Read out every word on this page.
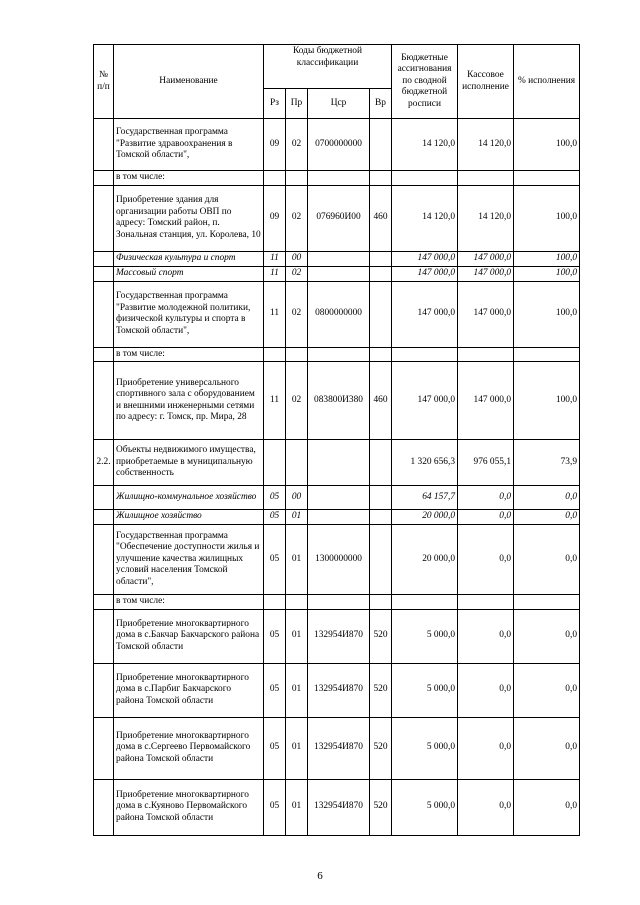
№ п/п	Наименование	Коды бюджетной классификации				Бюджетные ассигнования по сводной бюджетной росписи	Кассовое исполнение	% исполнения
		Рз	Пр	Цср	Вр			
	Государственная программа "Развитие здравоохранения в Томской области",	09	02	0700000000		14 120,0	14 120,0	100,0
	в том числе:							
	Приобретение здания для организации работы ОВП по адресу: Томский район, п. Зональная станция, ул. Королева, 10	09	02	076960И00	460	14 120,0	14 120,0	100,0
	Физическая культура и спорт	11	00			147 000,0	147 000,0	100,0
	Массовый спорт	11	02			147 000,0	147 000,0	100,0
	Государственная программа "Развитие молодежной политики, физической культуры и спорта в Томской области",	11	02	0800000000		147 000,0	147 000,0	100,0
	в том числе:							
	Приобретение универсального спортивного зала с оборудованием и внешними инженерными сетями по адресу: г. Томск, пр. Мира, 28	11	02	083800И380	460	147 000,0	147 000,0	100,0
2.2.	Объекты недвижимого имущества, приобретаемые в муниципальную собственность					1 320 656,3	976 055,1	73,9
	Жилищно-коммунальное хозяйство	05	00			64 157,7	0,0	0,0
	Жилищное хозяйство	05	01			20 000,0	0,0	0,0
	Государственная программа "Обеспечение доступности жилья и улучшение качества жилищных условий населения Томской области",	05	01	1300000000		20 000,0	0,0	0,0
	в том числе:							
	Приобретение многоквартирного дома в с.Бакчар Бакчарского района Томской области	05	01	132954И870	520	5 000,0	0,0	0,0
	Приобретение многоквартирного дома в с.Парбиг Бакчарского района Томской области	05	01	132954И870	520	5 000,0	0,0	0,0
	Приобретение многоквартирного дома в с.Сергеево Первомайского района Томской области	05	01	132954И870	520	5 000,0	0,0	0,0
	Приобретение многоквартирного дома в с.Куяново Первомайского района Томской области	05	01	132954И870	520	5 000,0	0,0	0,0
6
